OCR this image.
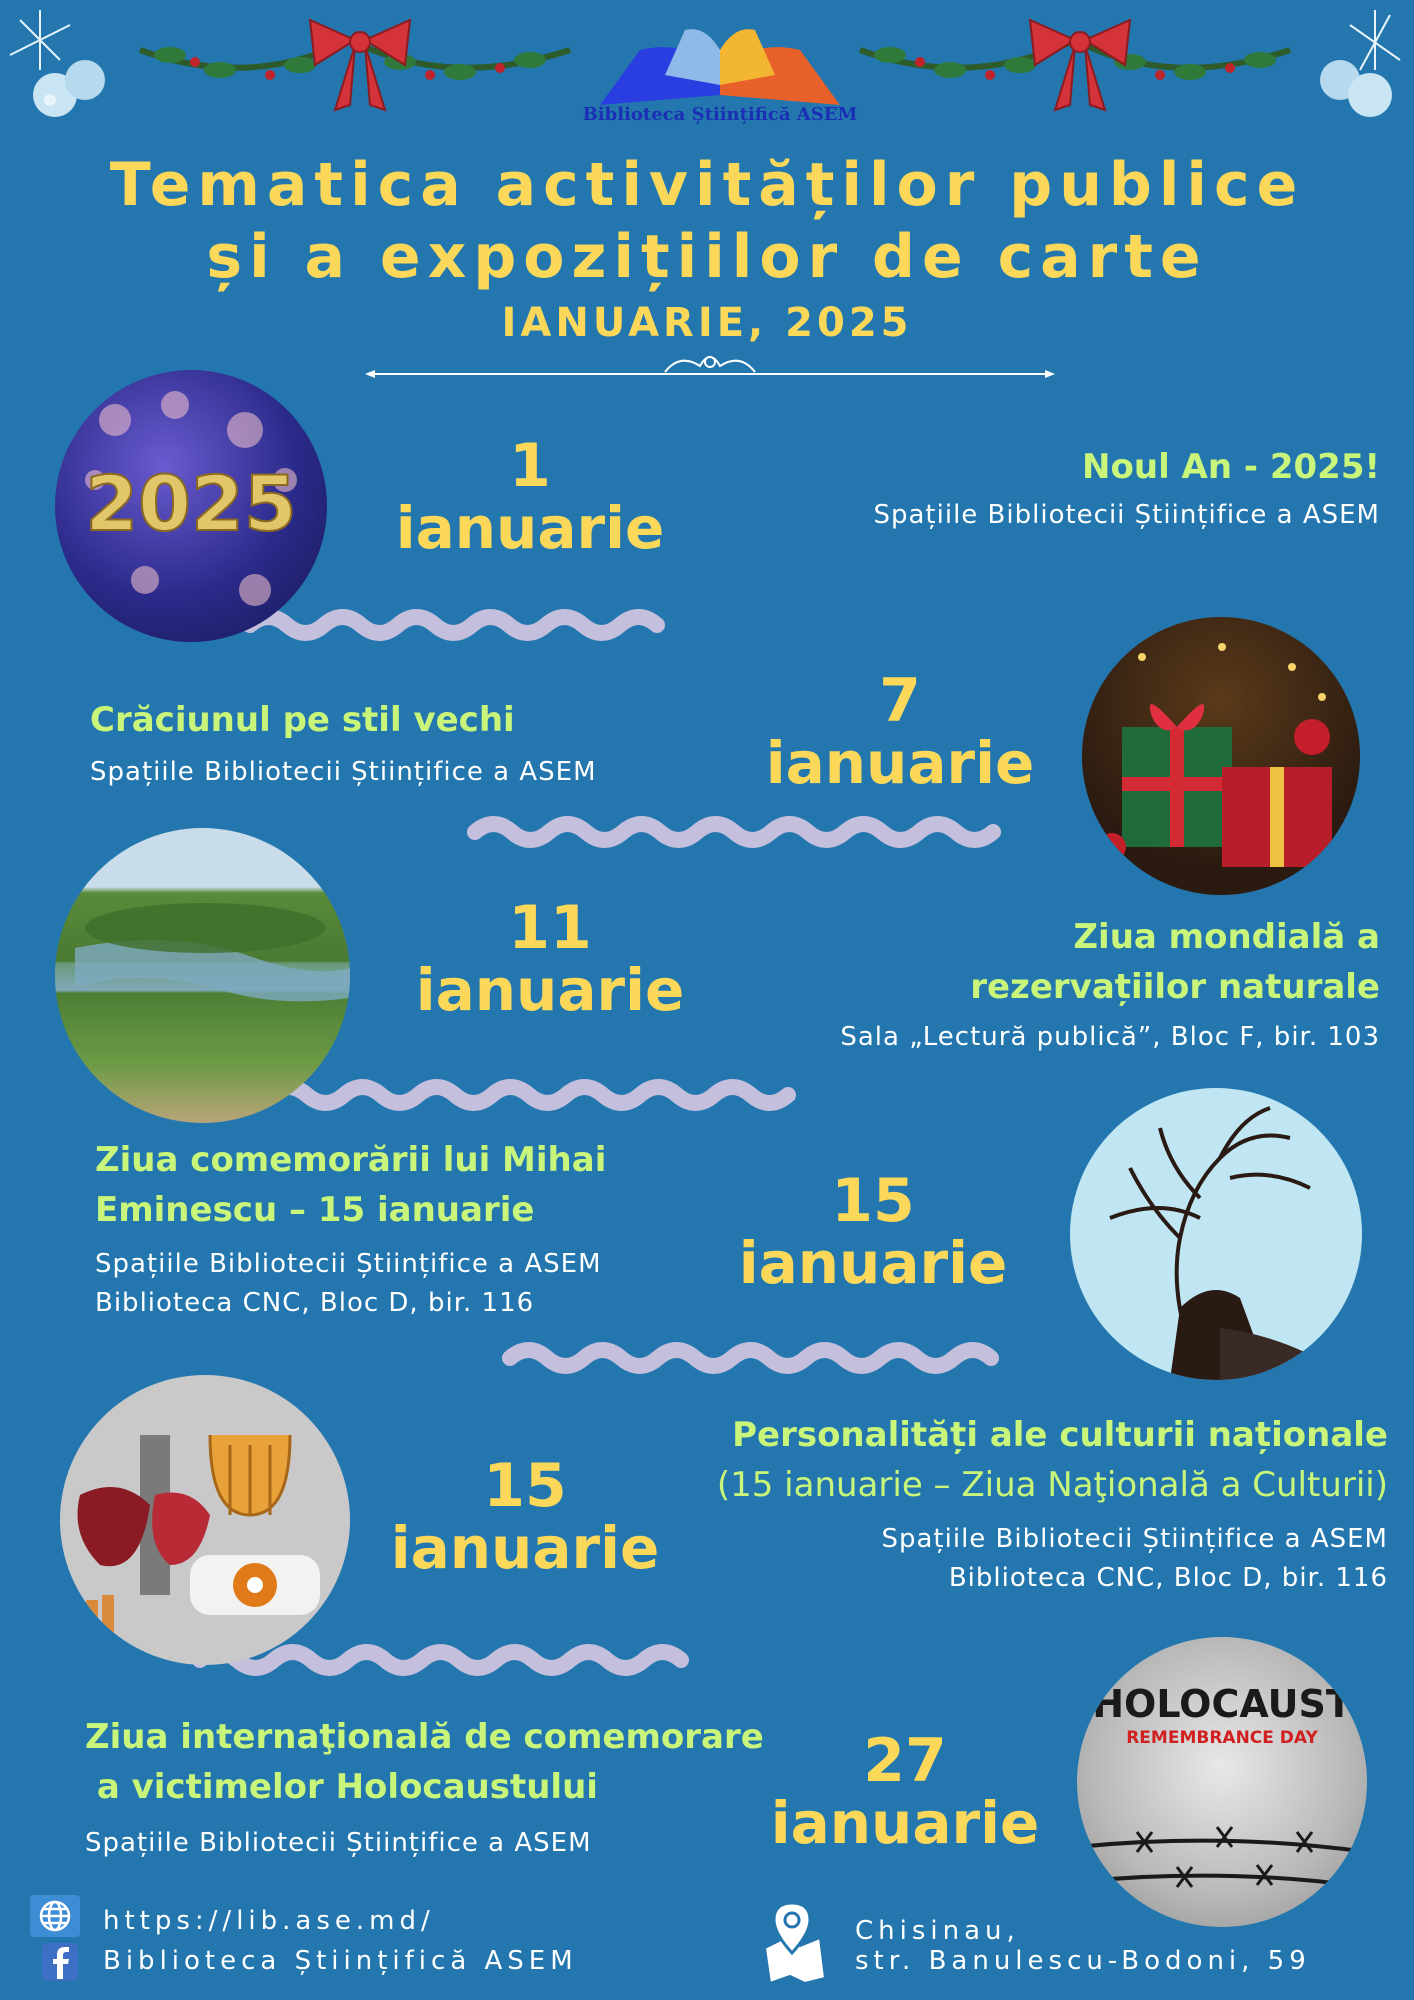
Biblioteca Științifică ASEM
Tematica activităților publice
și a expozițiilor de carte
IANUARIE, 2025
2025	1
ianuarie
Noul An - 2025!
Spațiile Bibliotecii Științifice a ASEM
Crăciunul pe stil vechi
Spațiile Bibliotecii Științifice a ASEM
7
ianuarie
11
ianuarie
Ziua mondială a
rezervațiilor naturale
Sala „Lectură publică”, Bloc F, bir. 103
Ziua comemorării lui Mihai
Eminescu – 15 ianuarie
Spațiile Bibliotecii Științifice a ASEM
Biblioteca CNC, Bloc D, bir. 116
15
ianuarie
15
ianuarie
Personalități ale culturii naționale
(15 ianuarie – Ziua Naţională a Culturii)
Spațiile Bibliotecii Științifice a ASEM
Biblioteca CNC, Bloc D, bir. 116
Ziua internaţională de comemorare
a victimelor Holocaustului
Spațiile Bibliotecii Științifice a ASEM
27
ianuarie
HOLOCAUST
REMEMBRANCE DAY
https://lib.ase.md/
Biblioteca Științifică ASEM
Chisinau,
str. Banulescu-Bodoni, 59
